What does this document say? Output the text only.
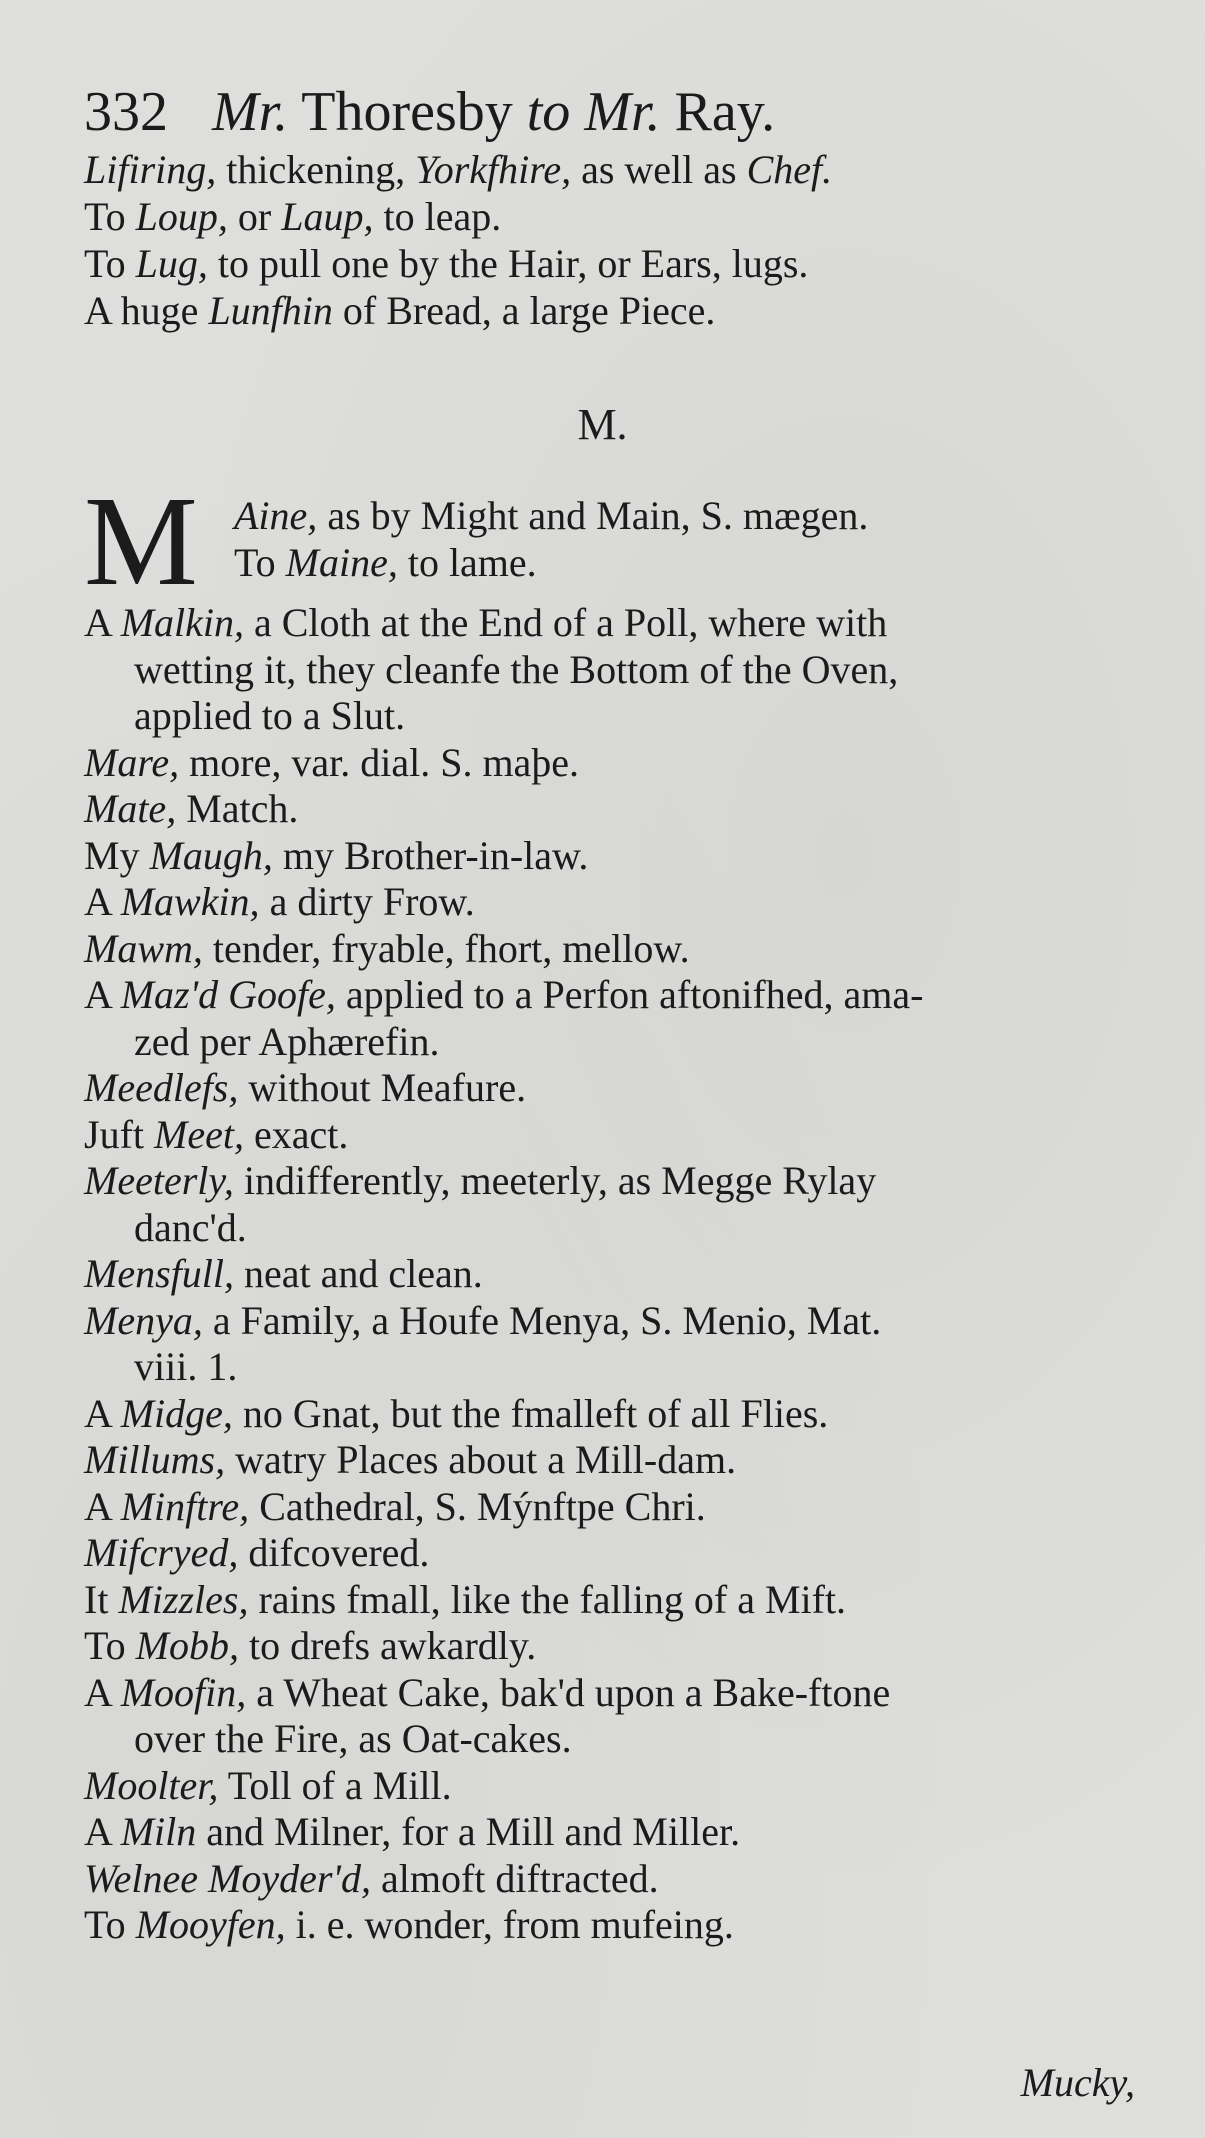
332 Mr. Thoresby to Mr. Ray.
Lifiring, thickening, Yorkfhire, as well as Chef.
To Loup, or Laup, to leap.
To Lug, to pull one by the Hair, or Ears, lugs.
A huge Lunfhin of Bread, a large Piece.
M.
M Aine, as by Might and Main, S. mægen.
To Maine, to lame.
A Malkin, a Cloth at the End of a Poll, where with
wetting it, they cleanfe the Bottom of the Oven,
applied to a Slut.
Mare, more, var. dial. S. maþe.
Mate, Match.
My Maugh, my Brother-in-law.
A Mawkin, a dirty Frow.
Mawm, tender, fryable, fhort, mellow.
A Maz'd Goofe, applied to a Perfon aftonifhed, ama-
zed per Aphærefin.
Meedlefs, without Meafure.
Juft Meet, exact.
Meeterly, indifferently, meeterly, as Megge Rylay
danc'd.
Mensfull, neat and clean.
Menya, a Family, a Houfe Menya, S. Menio, Mat.
viii. 1.
A Midge, no Gnat, but the fmalleft of all Flies.
Millums, watry Places about a Mill-dam.
A Minftre, Cathedral, S. Mýnftpe Chri.
Mifcryed, difcovered.
It Mizzles, rains fmall, like the falling of a Mift.
To Mobb, to drefs awkardly.
A Moofin, a Wheat Cake, bak'd upon a Bake-ftone
over the Fire, as Oat-cakes.
Moolter, Toll of a Mill.
A Miln and Milner, for a Mill and Miller.
Welnee Moyder'd, almoft diftracted.
To Mooyfen, i. e. wonder, from mufeing.
Mucky,
